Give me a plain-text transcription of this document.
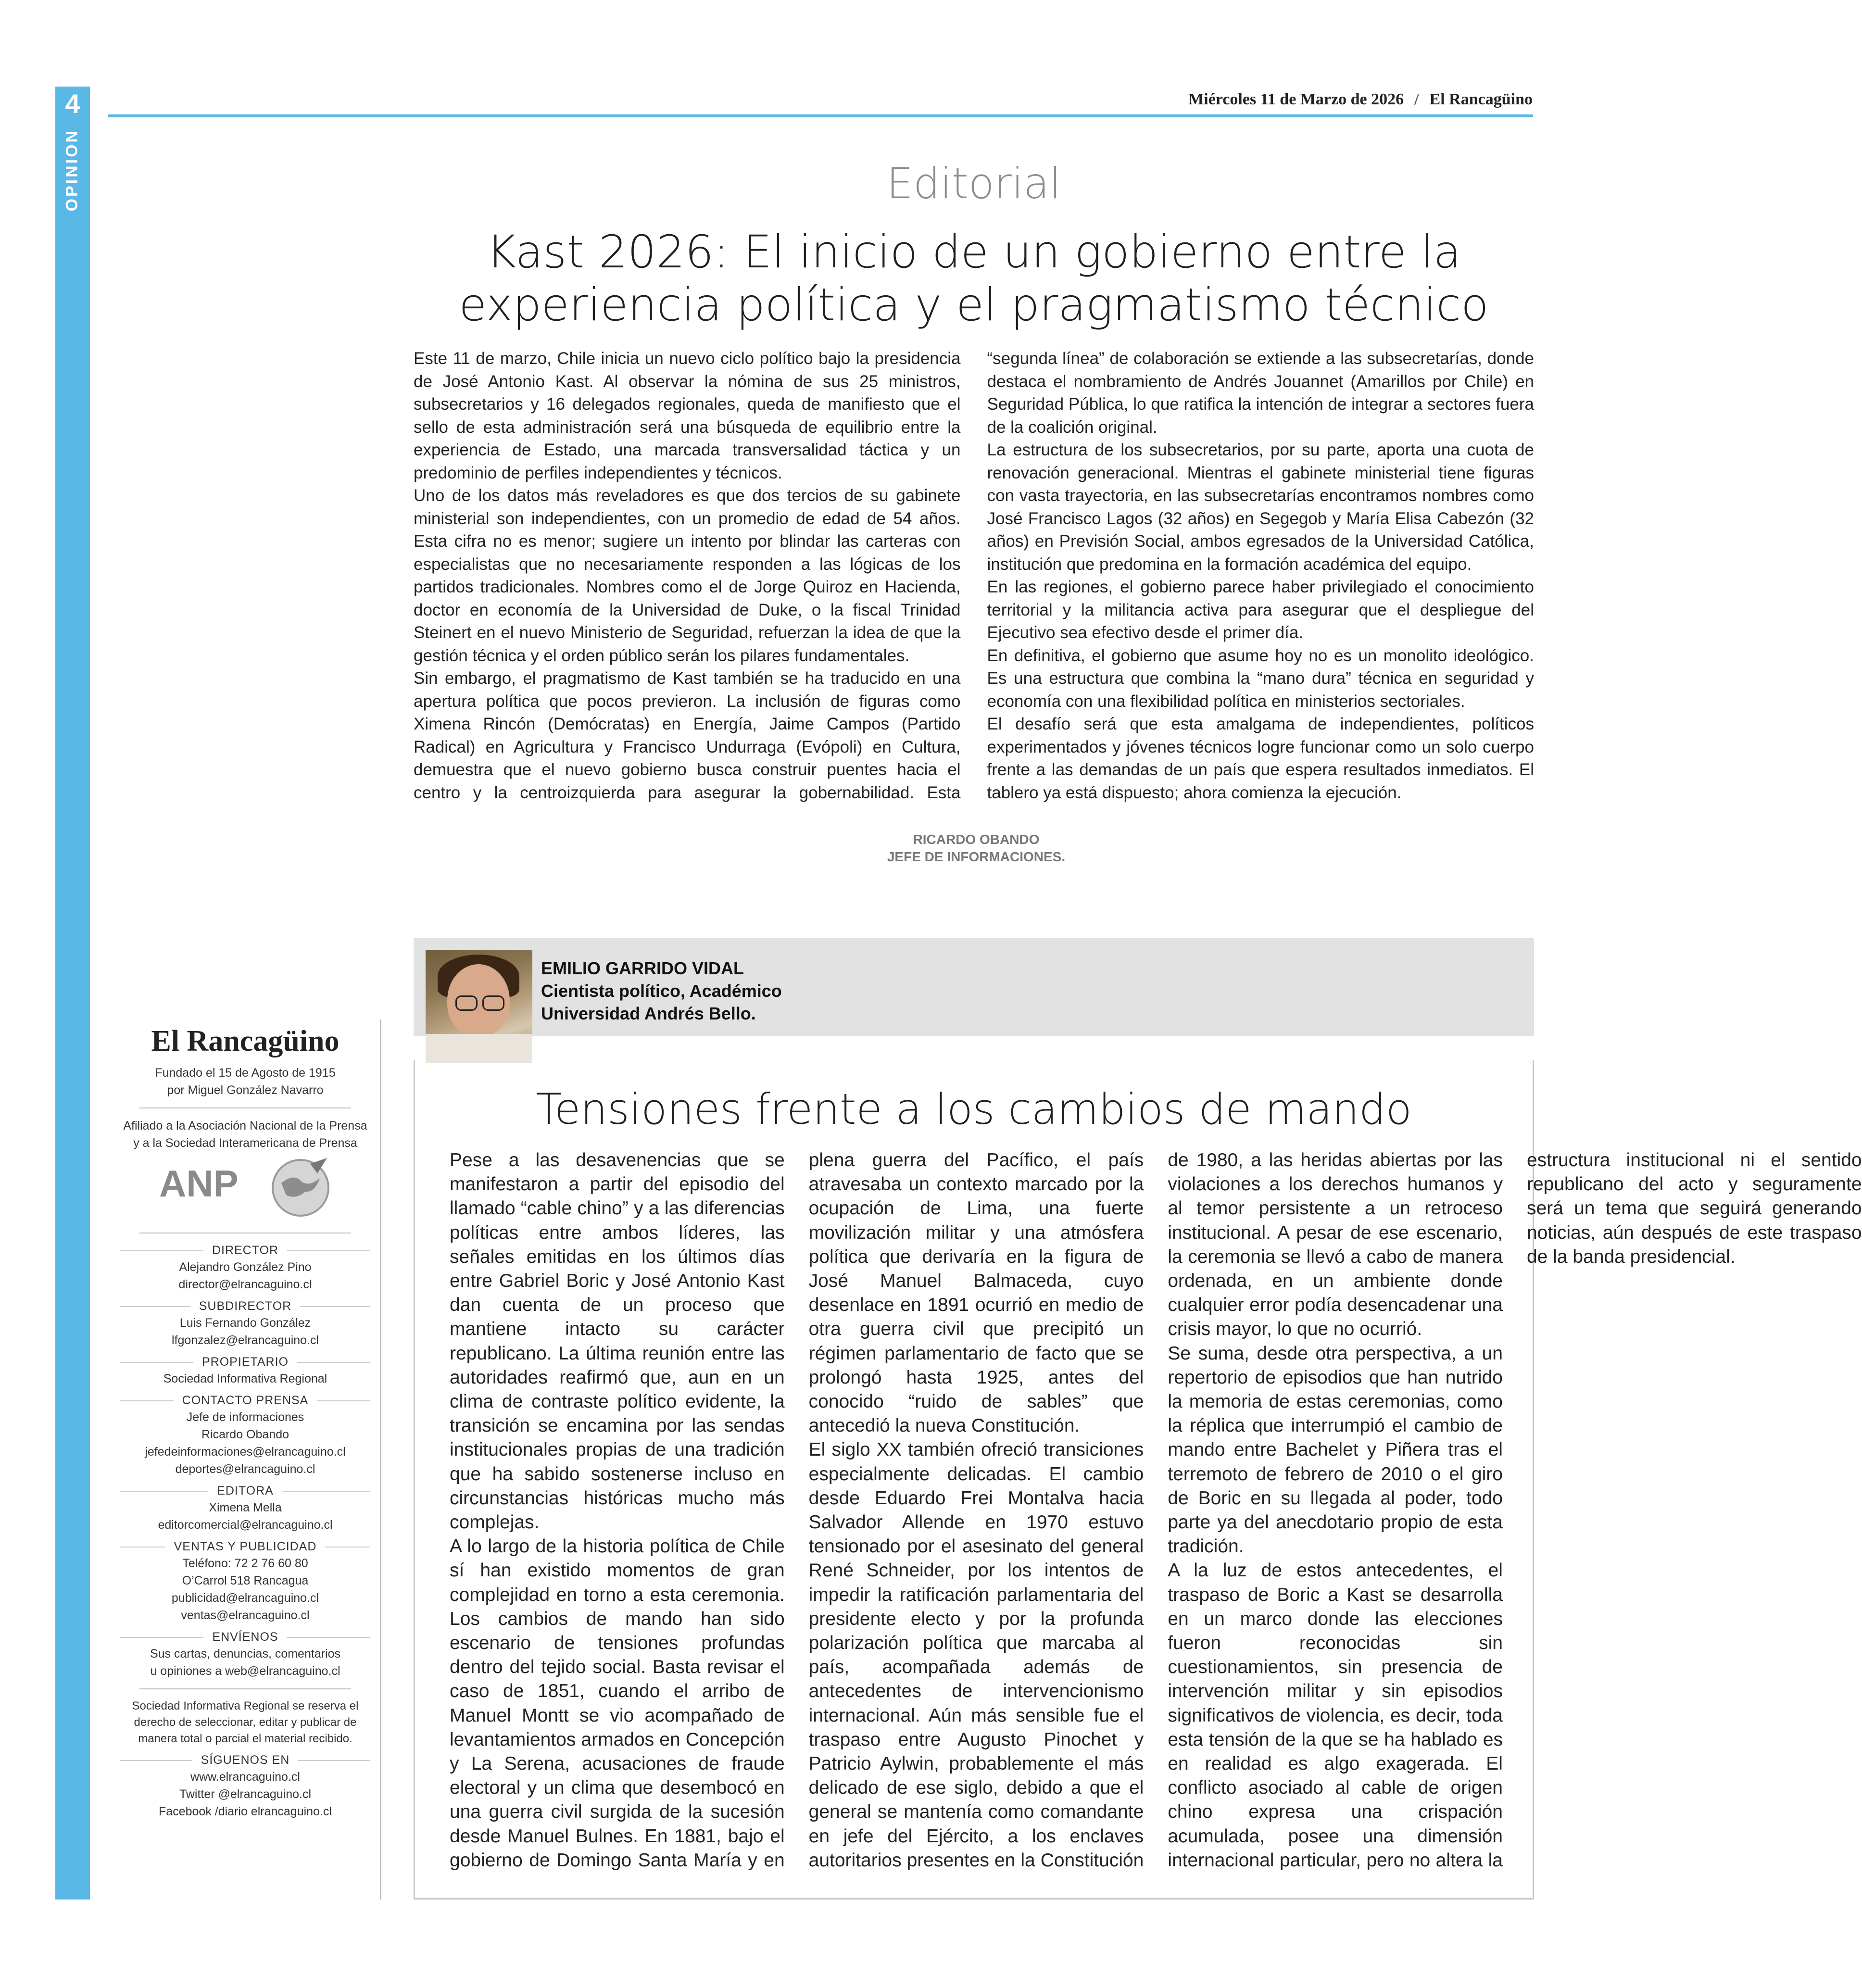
4
OPINION
Miércoles 11 de Marzo de 2026 / El Rancagüino
Editorial
Kast 2026: El inicio de un gobierno entre la experiencia política y el pragmatismo técnico

Este 11 de marzo, Chile inicia un nuevo ciclo político bajo la presidencia de José Antonio Kast. Al observar la nómina de sus 25 ministros, subsecretarios y 16 delegados regionales, queda de manifiesto que el sello de esta administración será una búsqueda de equilibrio entre la experiencia de Estado, una marcada transversalidad táctica y un predominio de perfiles independientes y técnicos.

Uno de los datos más reveladores es que dos tercios de su gabinete ministerial son independientes, con un promedio de edad de 54 años. Esta cifra no es menor; sugiere un intento por blindar las carteras con especialistas que no necesariamente responden a las lógicas de los partidos tradicionales. Nombres como el de Jorge Quiroz en Hacienda, doctor en economía de la Universidad de Duke, o la fiscal Trinidad Steinert en el nuevo Ministerio de Seguridad, refuerzan la idea de que la gestión técnica y el orden público serán los pilares fundamentales.

Sin embargo, el pragmatismo de Kast también se ha traducido en una apertura política que pocos previeron. La inclusión de figuras como Ximena Rincón (Demócratas) en Energía, Jaime Campos (Partido Radical) en Agricultura y Francisco Undurraga (Evópoli) en Cultura, demuestra que el nuevo gobierno busca construir puentes hacia el centro y la centroizquierda para asegurar la gobernabilidad. Esta “segunda línea” de colaboración se extiende a las subsecretarías, donde destaca el nombramiento de Andrés Jouannet (Amarillos por Chile) en Seguridad Pública, lo que ratifica la intención de integrar a sectores fuera de la coalición original.

La estructura de los subsecretarios, por su parte, aporta una cuota de renovación generacional. Mientras el gabinete ministerial tiene figuras con vasta trayectoria, en las subsecretarías encontramos nombres como José Francisco Lagos (32 años) en Segegob y María Elisa Cabezón (32 años) en Previsión Social, ambos egresados de la Universidad Católica, institución que predomina en la formación académica del equipo.

En las regiones, el gobierno parece haber privilegiado el conocimiento territorial y la militancia activa para asegurar que el despliegue del Ejecutivo sea efectivo desde el primer día.

En definitiva, el gobierno que asume hoy no es un monolito ideológico. Es una estructura que combina la “mano dura” técnica en seguridad y economía con una flexibilidad política en ministerios sectoriales.

El desafío será que esta amalgama de independientes, políticos experimentados y jóvenes técnicos logre funcionar como un solo cuerpo frente a las demandas de un país que espera resultados inmediatos. El tablero ya está dispuesto; ahora comienza la ejecución.

RICARDO OBANDO
JEFE DE INFORMACIONES.
El Rancagüino
Fundado el 15 de Agosto de 1915
por Miguel González Navarro
Afiliado a la Asociación Nacional de la Prensa
y a la Sociedad Interamericana de Prensa
ANP
DIRECTOR

Alejandro González Pino

director@elrancaguino.cl

SUBDIRECTOR

Luis Fernando González

lfgonzalez@elrancaguino.cl

PROPIETARIO

Sociedad Informativa Regional

CONTACTO PRENSA

Jefe de informaciones

Ricardo Obando

jefedeinformaciones@elrancaguino.cl

deportes@elrancaguino.cl

EDITORA

Ximena Mella

editorcomercial@elrancaguino.cl

VENTAS Y PUBLICIDAD

Teléfono: 72 2 76 60 80

O’Carrol 518 Rancagua

publicidad@elrancaguino.cl

ventas@elrancaguino.cl

ENVÍENOS

Sus cartas, denuncias, comentarios

u opiniones a web@elrancaguino.cl

Sociedad Informativa Regional se reserva el derecho de seleccionar, editar y publicar de manera total o parcial el material recibido.

SÍGUENOS EN

www.elrancaguino.cl

Twitter @elrancaguino.cl

Facebook /diario elrancaguino.cl

EMILIO GARRIDO VIDAL
Cientista político, Académico
Universidad Andrés Bello.
Tensiones frente a los cambios de mando

Pese a las desavenencias que se manifestaron a partir del episodio del llamado “cable chino” y a las diferencias políticas entre ambos líderes, las señales emitidas en los últimos días entre Gabriel Boric y José Antonio Kast dan cuenta de un proceso que mantiene intacto su carácter republicano. La última reunión entre las autoridades reafirmó que, aun en un clima de contraste político evidente, la transición se encamina por las sendas institucionales propias de una tradición que ha sabido sostenerse incluso en circunstancias históricas mucho más complejas.

A lo largo de la historia política de Chile sí han existido momentos de gran complejidad en torno a esta ceremonia. Los cambios de mando han sido escenario de tensiones profundas dentro del tejido social. Basta revisar el caso de 1851, cuando el arribo de Manuel Montt se vio acompañado de levantamientos armados en Concepción y La Serena, acusaciones de fraude electoral y un clima que desembocó en una guerra civil surgida de la sucesión desde Manuel Bulnes. En 1881, bajo el gobierno de Domingo Santa María y en plena guerra del Pacífico, el país atravesaba un contexto marcado por la ocupación de Lima, una fuerte movilización militar y una atmósfera política que derivaría en la figura de José Manuel Balmaceda, cuyo desenlace en 1891 ocurrió en medio de otra guerra civil que precipitó un régimen parlamentario de facto que se prolongó hasta 1925, antes del conocido “ruido de sables” que antecedió la nueva Constitución.

El siglo XX también ofreció transiciones especialmente delicadas. El cambio desde Eduardo Frei Montalva hacia Salvador Allende en 1970 estuvo tensionado por el asesinato del general René Schneider, por los intentos de impedir la ratificación parlamentaria del presidente electo y por la profunda polarización política que marcaba al país, acompañada además de antecedentes de intervencionismo internacional. Aún más sensible fue el traspaso entre Augusto Pinochet y Patricio Aylwin, probablemente el más delicado de ese siglo, debido a que el general se mantenía como comandante en jefe del Ejército, a los enclaves autoritarios presentes en la Constitución de 1980, a las heridas abiertas por las violaciones a los derechos humanos y al temor persistente a un retroceso institucional. A pesar de ese escenario, la ceremonia se llevó a cabo de manera ordenada, en un ambiente donde cualquier error podía desencadenar una crisis mayor, lo que no ocurrió.

Se suma, desde otra perspectiva, a un repertorio de episodios que han nutrido la memoria de estas ceremonias, como la réplica que interrumpió el cambio de mando entre Bachelet y Piñera tras el terremoto de febrero de 2010 o el giro de Boric en su llegada al poder, todo parte ya del anecdotario propio de esta tradición.

A la luz de estos antecedentes, el traspaso de Boric a Kast se desarrolla en un marco donde las elecciones fueron reconocidas sin cuestionamientos, sin presencia de intervención militar y sin episodios significativos de violencia, es decir, toda esta tensión de la que se ha hablado es en realidad es algo exagerada. El conflicto asociado al cable de origen chino expresa una crispación acumulada, posee una dimensión internacional particular, pero no altera la estructura institucional ni el sentido republicano del acto y seguramente será un tema que seguirá generando noticias, aún después de este traspaso de la banda presidencial.
